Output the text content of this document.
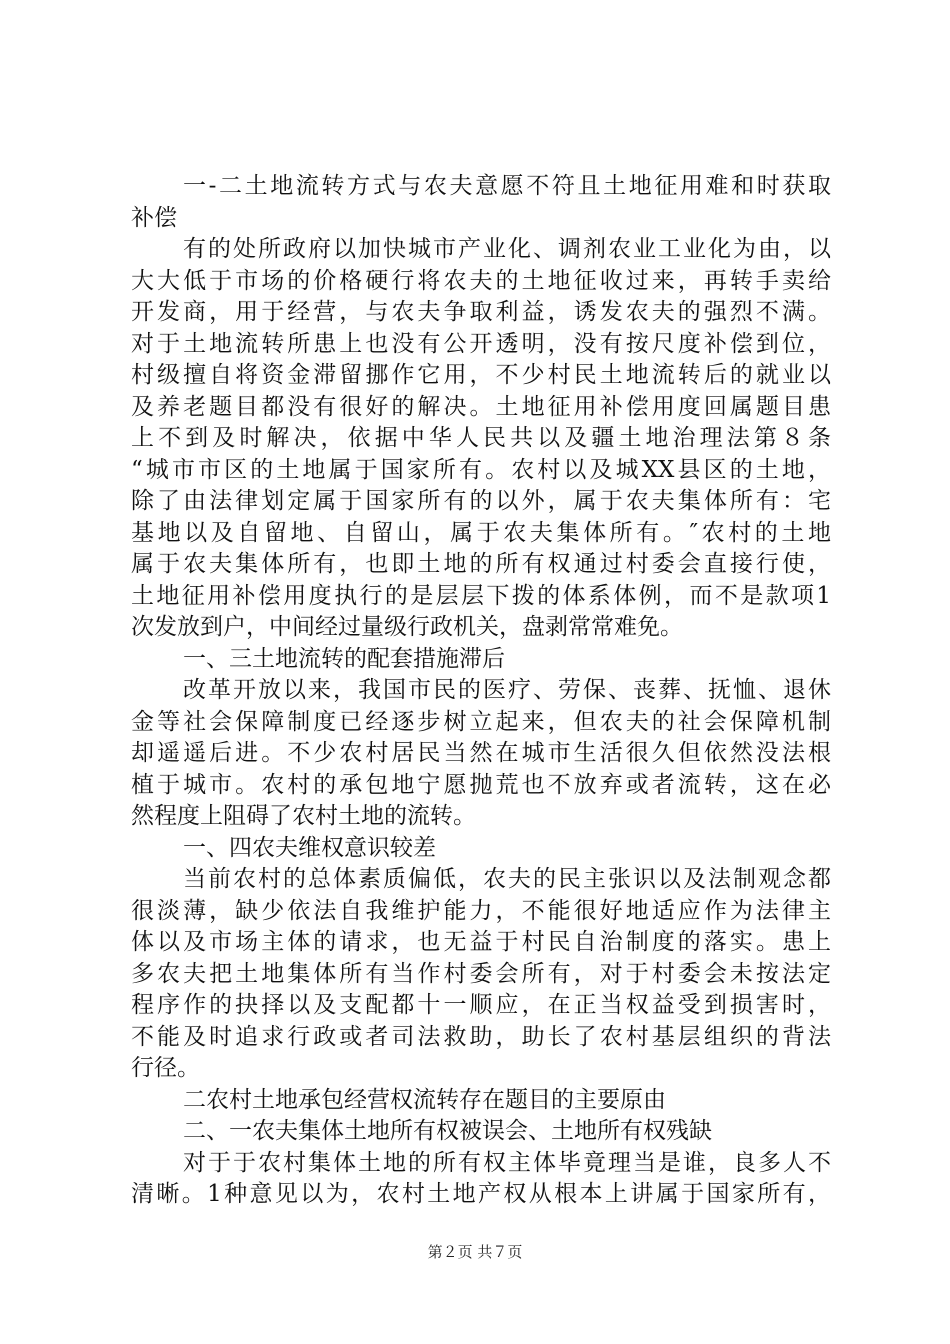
一-二土地流转方式与农夫意愿不符且土地征用难和时获取
补偿
有的处所政府以加快城市产业化、调剂农业工业化为由，以
大大低于市场的价格硬行将农夫的土地征收过来，再转手卖给
开发商，用于经营，与农夫争取利益，诱发农夫的强烈不满。
对于土地流转所患上也没有公开透明，没有按尺度补偿到位，
村级擅自将资金滞留挪作它用，不少村民土地流转后的就业以
及养老题目都没有很好的解决。土地征用补偿用度回属题目患
上不到及时解决，依据中华人民共以及疆土地治理法第８条
“城市市区的土地属于国家所有。农村以及城XX县区的土地，
除了由法律划定属于国家所有的以外，属于农夫集体所有：宅
基地以及自留地、自留山，属于农夫集体所有。″农村的土地
属于农夫集体所有，也即土地的所有权通过村委会直接行使，
土地征用补偿用度执行的是层层下拨的体系体例，而不是款项1
次发放到户，中间经过量级行政机关，盘剥常常难免。
一、三土地流转的配套措施滞后
改革开放以来，我国市民的医疗、劳保、丧葬、抚恤、退休
金等社会保障制度已经逐步树立起来，但农夫的社会保障机制
却遥遥后进。不少农村居民当然在城市生活很久但依然没法根
植于城市。农村的承包地宁愿抛荒也不放弃或者流转，这在必
然程度上阻碍了农村土地的流转。
一、四农夫维权意识较差
当前农村的总体素质偏低，农夫的民主张识以及法制观念都
很淡薄，缺少依法自我维护能力，不能很好地适应作为法律主
体以及市场主体的请求，也无益于村民自治制度的落实。患上
多农夫把土地集体所有当作村委会所有，对于村委会未按法定
程序作的抉择以及支配都十一顺应，在正当权益受到损害时，
不能及时追求行政或者司法救助，助长了农村基层组织的背法
行径。
二农村土地承包经营权流转存在题目的主要原由
二、一农夫集体土地所有权被误会、土地所有权残缺
对于于农村集体土地的所有权主体毕竟理当是谁，良多人不
清晰。1种意见以为，农村土地产权从根本上讲属于国家所有，
第２页 共７页
